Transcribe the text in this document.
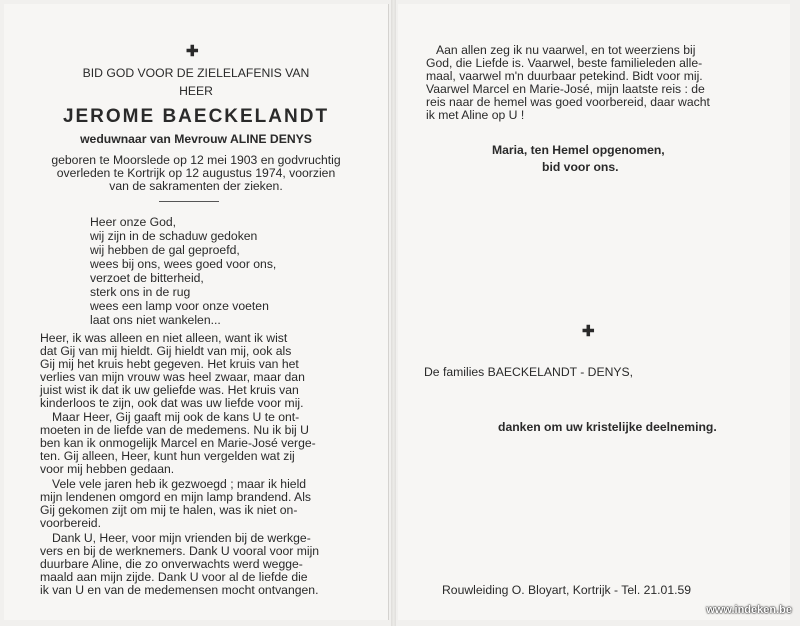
✚
BID GOD VOOR DE ZIELELAFENIS VAN
HEER
JEROME BAECKELANDT
weduwnaar van Mevrouw ALINE DENYS
geboren te Moorslede op 12 mei 1903 en godvruchtig
overleden te Kortrijk op 12 augustus 1974, voorzien
van de sakramenten der zieken.
Heer onze God,
wij zijn in de schaduw gedoken
wij hebben de gal geproefd,
wees bij ons, wees goed voor ons,
verzoet de bitterheid,
sterk ons in de rug
wees een lamp voor onze voeten
laat ons niet wankelen...
Heer, ik was alleen en niet alleen, want ik wist
dat Gij van mij hieldt. Gij hieldt van mij, ook als
Gij mij het kruis hebt gegeven. Het kruis van het
verlies van mijn vrouw was heel zwaar, maar dan
juist wist ik dat ik uw geliefde was. Het kruis van
kinderloos te zijn, ook dat was uw liefde voor mij.
Maar Heer, Gij gaaft mij ook de kans U te ont-
moeten in de liefde van de medemens. Nu ik bij U
ben kan ik onmogelijk Marcel en Marie-José verge-
ten. Gij alleen, Heer, kunt hun vergelden wat zij
voor mij hebben gedaan.
Vele vele jaren heb ik gezwoegd ; maar ik hield
mijn lendenen omgord en mijn lamp brandend. Als
Gij gekomen zijt om mij te halen, was ik niet on-
voorbereid.
Dank U, Heer, voor mijn vrienden bij de werkge-
vers en bij de werknemers. Dank U vooral voor mijn
duurbare Aline, die zo onverwachts werd wegge-
maald aan mijn zijde. Dank U voor al de liefde die
ik van U en van de medemensen mocht ontvangen.
Aan allen zeg ik nu vaarwel, en tot weerziens bij
God, die Liefde is. Vaarwel, beste familieleden alle-
maal, vaarwel m'n duurbaar petekind. Bidt voor mij.
Vaarwel Marcel en Marie-José, mijn laatste reis : de
reis naar de hemel was goed voorbereid, daar wacht
ik met Aline op U !
Maria, ten Hemel opgenomen,
bid voor ons.
✚
De families BAECKELANDT - DENYS,
danken om uw kristelijke deelneming.
Rouwleiding O. Bloyart, Kortrijk - Tel. 21.01.59
www.indeken.be
